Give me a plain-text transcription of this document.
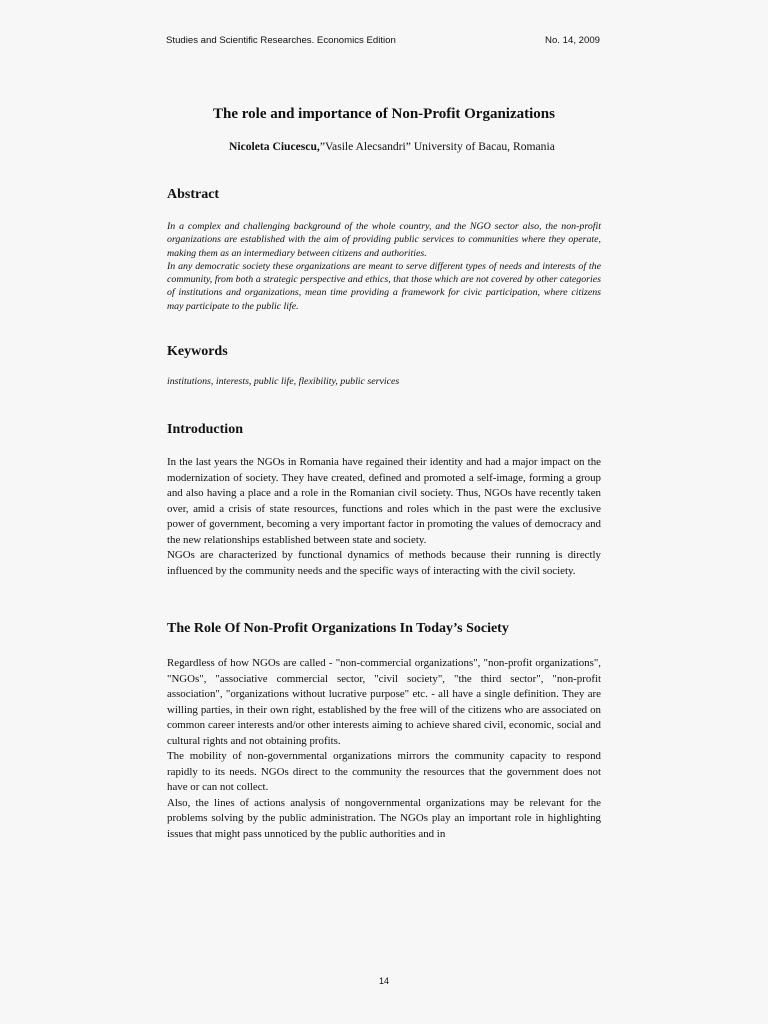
Studies and Scientific Researches. Economics Edition	No. 14, 2009
The role and importance of Non-Profit Organizations
Nicoleta Ciucescu,”Vasile Alecsandri” University of Bacau, Romania
Abstract

In a complex and challenging background of the whole country, and the NGO sector also, the non-profit organizations are established with the aim of providing public services to communities where they operate, making them as an intermediary between citizens and authorities.

In any democratic society these organizations are meant to serve different types of needs and interests of the community, from both a strategic perspective and ethics, that those which are not covered by other categories of institutions and organizations, mean time providing a framework for civic participation, where citizens may participate to the public life.

Keywords
institutions, interests, public life, flexibility, public services
Introduction

In the last years the NGOs in Romania have regained their identity and had a major impact on the modernization of society. They have created, defined and promoted a self-image, forming a group and also having a place and a role in the Romanian civil society. Thus, NGOs have recently taken over, amid a crisis of state resources, functions and roles which in the past were the exclusive power of government, becoming a very important factor in promoting the values of democracy and the new relationships established between state and society.

NGOs are characterized by functional dynamics of methods because their running is directly influenced by the community needs and the specific ways of interacting with the civil society.

The Role Of Non-Profit Organizations In Today’s Society

Regardless of how NGOs are called - "non-commercial organizations", "non-profit organizations", "NGOs", "associative commercial sector, "civil society", "the third sector", "non-profit association", "organizations without lucrative purpose" etc. - all have a single definition. They are willing parties, in their own right, established by the free will of the citizens who are associated on common career interests and/or other interests aiming to achieve shared civil, economic, social and cultural rights and not obtaining profits.

The mobility of non-governmental organizations mirrors the community capacity to respond rapidly to its needs. NGOs direct to the community the resources that the government does not have or can not collect.

Also, the lines of actions analysis of nongovernmental organizations may be relevant for the problems solving by the public administration. The NGOs play an important role in highlighting issues that might pass unnoticed by the public authorities and in

14
